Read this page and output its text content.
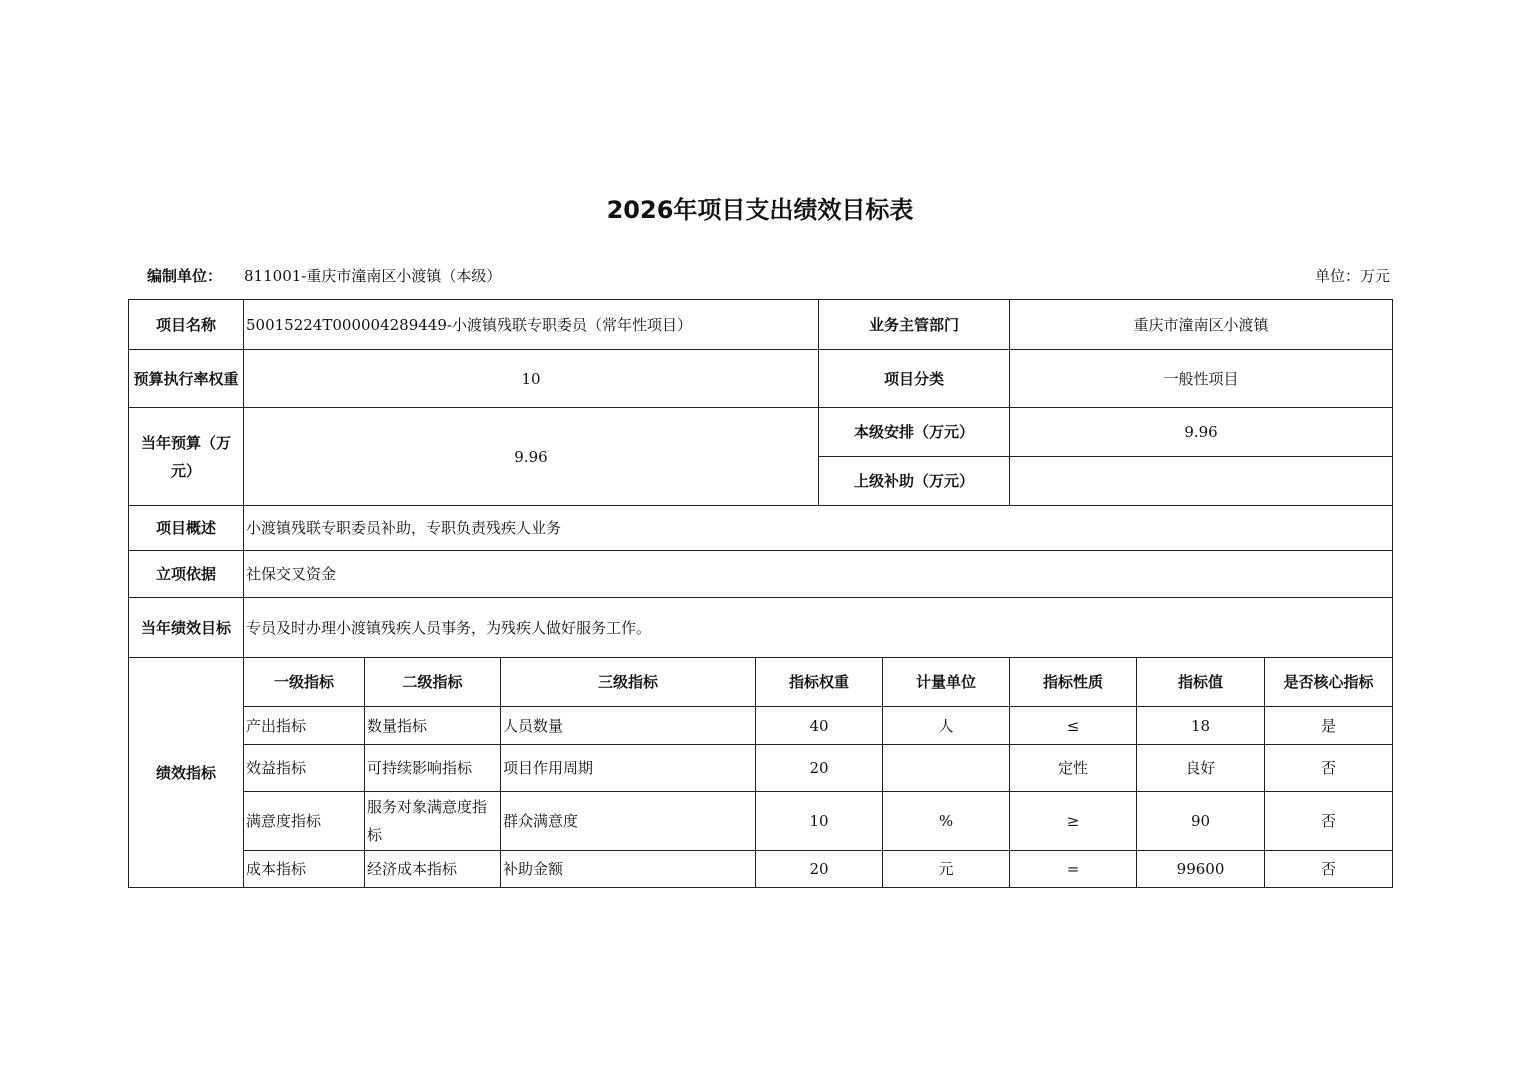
2026年项目支出绩效目标表
编制单位： 811001-重庆市潼南区小渡镇（本级）	单位：万元
项目名称	50015224T000004289449-小渡镇残联专职委员（常年性项目）				业务主管部门		重庆市潼南区小渡镇		
预算执行率权重	10				项目分类		一般性项目		
当年预算（万元）	9.96				本级安排（万元）		9.96		
					上级补助（万元）				
项目概述	小渡镇残联专职委员补助，专职负责残疾人业务								
立项依据	社保交叉资金								
当年绩效目标	专员及时办理小渡镇残疾人员事务，为残疾人做好服务工作。								
绩效指标	一级指标	二级指标	三级指标	指标权重		计量单位	指标性质	指标值	是否核心指标
	产出指标	数量指标	人员数量	40		人	≤	18	是
	效益指标	可持续影响指标	项目作用周期	20			定性	良好	否
	满意度指标	服务对象满意度指标	群众满意度	10		%	≥	90	否
	成本指标	经济成本指标	补助金额	20		元	=	99600	否
